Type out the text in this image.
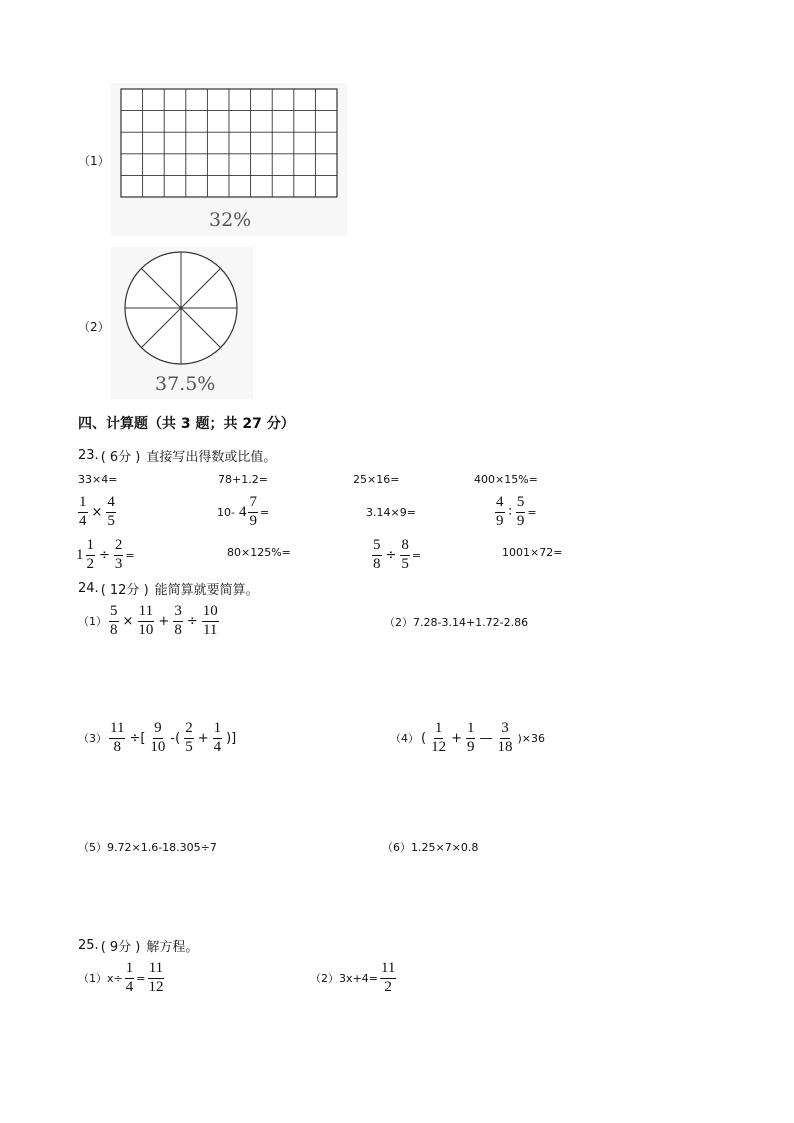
（1）
32%
（2）
37.5%
四、计算题（共 3 题；共 27 分）
23. ( 6分 ) 直接写出得数或比值。
33×4=	78+1.2=	25×16=	400×15%=
$\frac{1}{4} \times \frac{4}{5}$	10- $4 \frac{7}{9}$ =	3.14×9=	$\frac{4}{9}$ ∶ $\frac{5}{9}$ =
$1 \frac{1}{2} \div \frac{2}{3}$ =	80×125%=	$\frac{5}{8} \div \frac{8}{5}$ =	1001×72=
24. ( 12分 ) 能简算就要简算。
$(1) \frac{5}{8} \times \frac{11}{10} + \frac{3}{8} \div \frac{10}{11}$	（2） 7.28-3.14+1.72-2.86
$(3) \frac{11}{8}$ ÷[ $\frac{9}{10}$ -( $\frac{2}{5} + \frac{1}{4}$ )]	（4） ( $\frac{1}{12} + \frac{1}{9}$ — $\frac{3}{18} )\times 36$
（5） 9.72×1.6-18.305÷7	（6） 1.25×7×0.8
25. ( 9分 ) 解方程。
（1） $x\div \frac{1}{4} = \frac{11}{12}$	（2） $3x+4= \frac{11}{2}$
